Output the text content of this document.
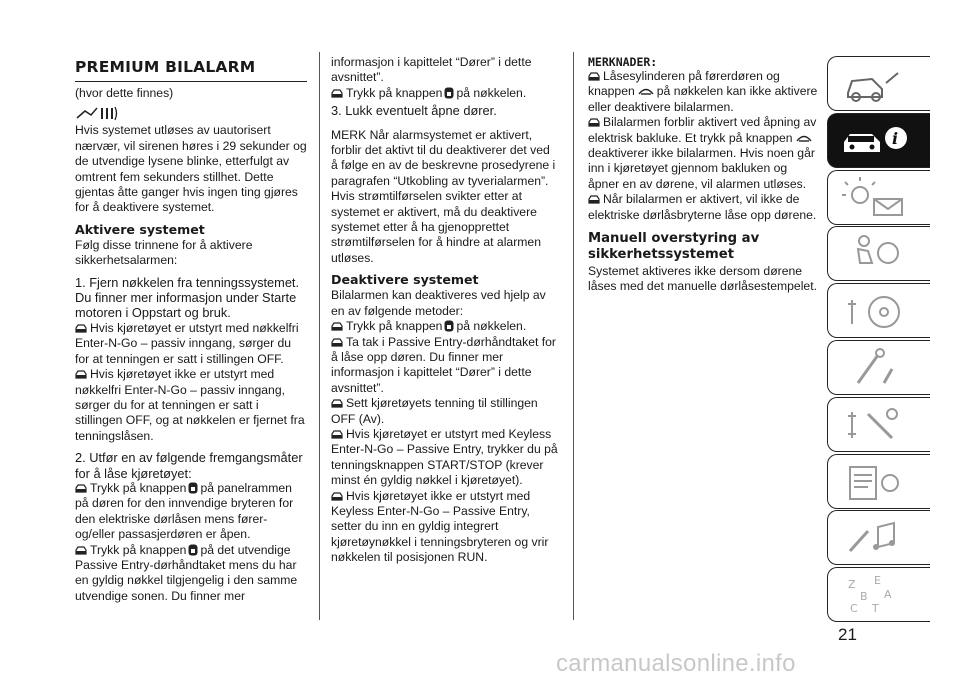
PREMIUM BILALARM

(hvor dette finnes)

Hvis systemet utløses av uautorisert nærvær, vil sirenen høres i 29 sekunder og de utvendige lysene blinke, etterfulgt av omtrent fem sekunders stillhet. Dette gjentas åtte ganger hvis ingen ting gjøres for å deaktivere systemet.

Aktivere systemet

Følg disse trinnene for å aktivere sikkerhetsalarmen:

1. Fjern nøkkelen fra tenningssystemet. Du finner mer informasjon under Starte motoren i Oppstart og bruk.

Hvis kjøretøyet er utstyrt med nøkkelfri Enter-N-Go – passiv inngang, sørger du for at tenningen er satt i stillingen OFF.

Hvis kjøretøyet ikke er utstyrt med nøkkelfri Enter-N-Go – passiv inngang, sørger du for at tenningen er satt i stillingen OFF, og at nøkkelen er fjernet fra tenningslåsen.

2. Utfør en av følgende fremgangsmåter for å låse kjøretøyet:

Trykk på knappen på panelrammen på døren for den innvendige bryteren for den elektriske dørlåsen mens fører-og/eller passasjerdøren er åpen.

Trykk på knappen på det utvendige Passive Entry-dørhåndtaket mens du har en gyldig nøkkel tilgjengelig i den samme utvendige sonen. Du finner mer

informasjon i kapittelet “Dører” i dette avsnittet”.

Trykk på knappen på nøkkelen.

3. Lukk eventuelt åpne dører.

MERK Når alarmsystemet er aktivert, forblir det aktivt til du deaktiverer det ved å følge en av de beskrevne prosedyrene i paragrafen “Utkobling av tyverialarmen”. Hvis strømtilførselen svikter etter at systemet er aktivert, må du deaktivere systemet etter å ha gjenopprettet strømtilførselen for å hindre at alarmen utløses.

Deaktivere systemet

Bilalarmen kan deaktiveres ved hjelp av en av følgende metoder:

Trykk på knappen på nøkkelen.

Ta tak i Passive Entry-dørhåndtaket for å låse opp døren. Du finner mer informasjon i kapittelet “Dører” i dette avsnittet”.

Sett kjøretøyets tenning til stillingen OFF (Av).

Hvis kjøretøyet er utstyrt med Keyless Enter-N-Go – Passive Entry, trykker du på tenningsknappen START/STOP (krever minst én gyldig nøkkel i kjøretøyet).

Hvis kjøretøyet ikke er utstyrt med Keyless Enter-N-Go – Passive Entry, setter du inn en gyldig integrert kjøretøynøkkel i tenningsbryteren og vrir nøkkelen til posisjonen RUN.

MERKNADER:

Låsesylinderen på førerdøren og knappen på nøkkelen kan ikke aktivere eller deaktivere bilalarmen.

Bilalarmen forblir aktivert ved åpning av elektrisk bakluke. Et trykk på knappendeaktiverer ikke bilalarmen. Hvis noen går inn i kjøretøyet gjennom bakluken og åpner en av dørene, vil alarmen utløses.

Når bilalarmen er aktivert, vil ikke de elektriske dørlåsbryterne låse opp dørene.

Manuell overstyring av sikkerhetssystemet

Systemet aktiveres ikke dersom dørene låses med det manuelle dørlåsestempelet.

i
Z E
B A
T
C
21
carmanualsonline.info
